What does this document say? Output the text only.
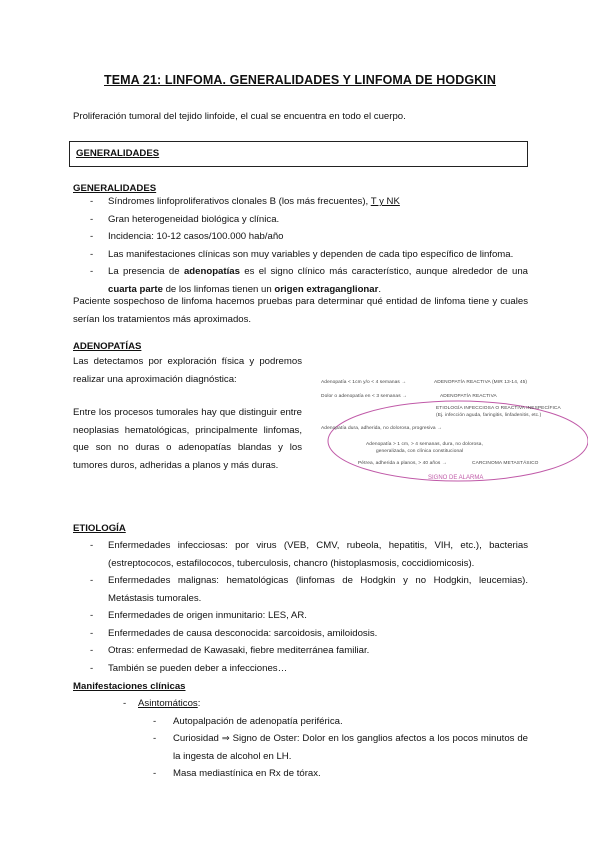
TEMA 21: LINFOMA. GENERALIDADES Y LINFOMA DE HODGKIN
Proliferación tumoral del tejido linfoide, el cual se encuentra en todo el cuerpo.
GENERALIDADES
GENERALIDADES
- Síndromes linfoproliferativos clonales B (los más frecuentes), T y NK
- Gran heterogeneidad biológica y clínica.
- Incidencia: 10-12 casos/100.000 hab/año
- Las manifestaciones clínicas son muy variables y dependen de cada tipo específico de linfoma.
- La presencia de adenopatías es el signo clínico más característico, aunque alrededor de una cuarta parte de los linfomas tienen un origen extraganglionar.
Paciente sospechoso de linfoma hacemos pruebas para determinar qué entidad de linfoma tiene y cuales serían los tratamientos más aproximados.
ADENOPATÍAS
Las detectamos por exploración física y podremos realizar una aproximación diagnóstica:
Entre los procesos tumorales hay que distinguir entre neoplasias hematológicas, principalmente linfomas, que son no duras o adenopatías blandas y los tumores duros, adheridas a planos y más duras.
Adenopatía < 1cm y/o < 4 semanas →	ADENOPATÍA REACTIVA (MIR 13-14, 45)
Dolor o adenopatía en < 3 semanas →	ADENOPATÍA REACTIVA
ETIOLOGÍA INFECCIOSA O REACTIVA INESPECÍFICA
(Ej. infección aguda, faringitis, linfadenitis, etc.)
Adenopatía dura, adherida, no dolorosa, progresiva →
Adenopatía > 1 cm, > 4 semanas, dura, no dolorosa,
generalizada, con clínica constitucional
Pétrea, adherida a planos, > 40 años →	CARCINOMA METASTÁSICO
SIGNO DE ALARMA
ETIOLOGÍA
- Enfermedades infecciosas: por virus (VEB, CMV, rubeola, hepatitis, VIH, etc.), bacterias (estreptococos, estafilococos, tuberculosis, chancro (histoplasmosis, coccidiomicosis).
- Enfermedades malignas: hematológicas (linfomas de Hodgkin y no Hodgkin, leucemias). Metástasis tumorales.
- Enfermedades de origen inmunitario: LES, AR.
- Enfermedades de causa desconocida: sarcoidosis, amiloidosis.
- Otras: enfermedad de Kawasaki, fiebre mediterránea familiar.
- También se pueden deber a infecciones…
Manifestaciones clínicas
- Asintomáticos:
- Autopalpación de adenopatía periférica.
- Curiosidad ⇒ Signo de Oster: Dolor en los ganglios afectos a los pocos minutos de la ingesta de alcohol en LH.
- Masa mediastínica en Rx de tórax.
